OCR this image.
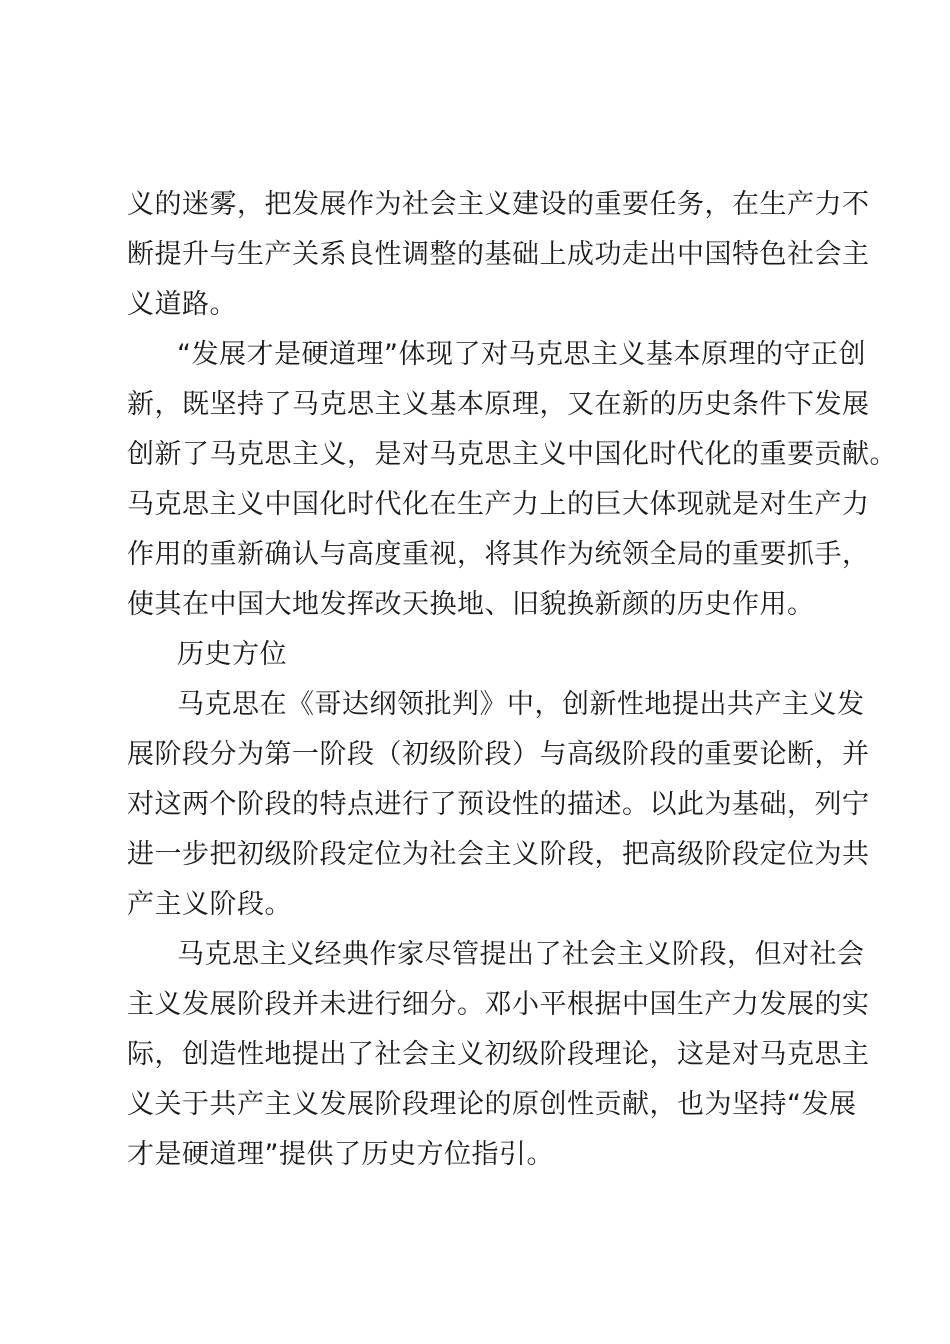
义的迷雾，把发展作为社会主义建设的重要任务，在生产力不
断提升与生产关系良性调整的基础上成功走出中国特色社会主
义道路。
“发展才是硬道理”体现了对马克思主义基本原理的守正创
新，既坚持了马克思主义基本原理，又在新的历史条件下发展
创新了马克思主义，是对马克思主义中国化时代化的重要贡献。
马克思主义中国化时代化在生产力上的巨大体现就是对生产力
作用的重新确认与高度重视，将其作为统领全局的重要抓手，
使其在中国大地发挥改天换地、旧貌换新颜的历史作用。
历史方位
马克思在《哥达纲领批判》中，创新性地提出共产主义发
展阶段分为第一阶段（初级阶段）与高级阶段的重要论断，并
对这两个阶段的特点进行了预设性的描述。以此为基础，列宁
进一步把初级阶段定位为社会主义阶段，把高级阶段定位为共
产主义阶段。
马克思主义经典作家尽管提出了社会主义阶段，但对社会
主义发展阶段并未进行细分。邓小平根据中国生产力发展的实
际，创造性地提出了社会主义初级阶段理论，这是对马克思主
义关于共产主义发展阶段理论的原创性贡献，也为坚持“发展
才是硬道理”提供了历史方位指引。
